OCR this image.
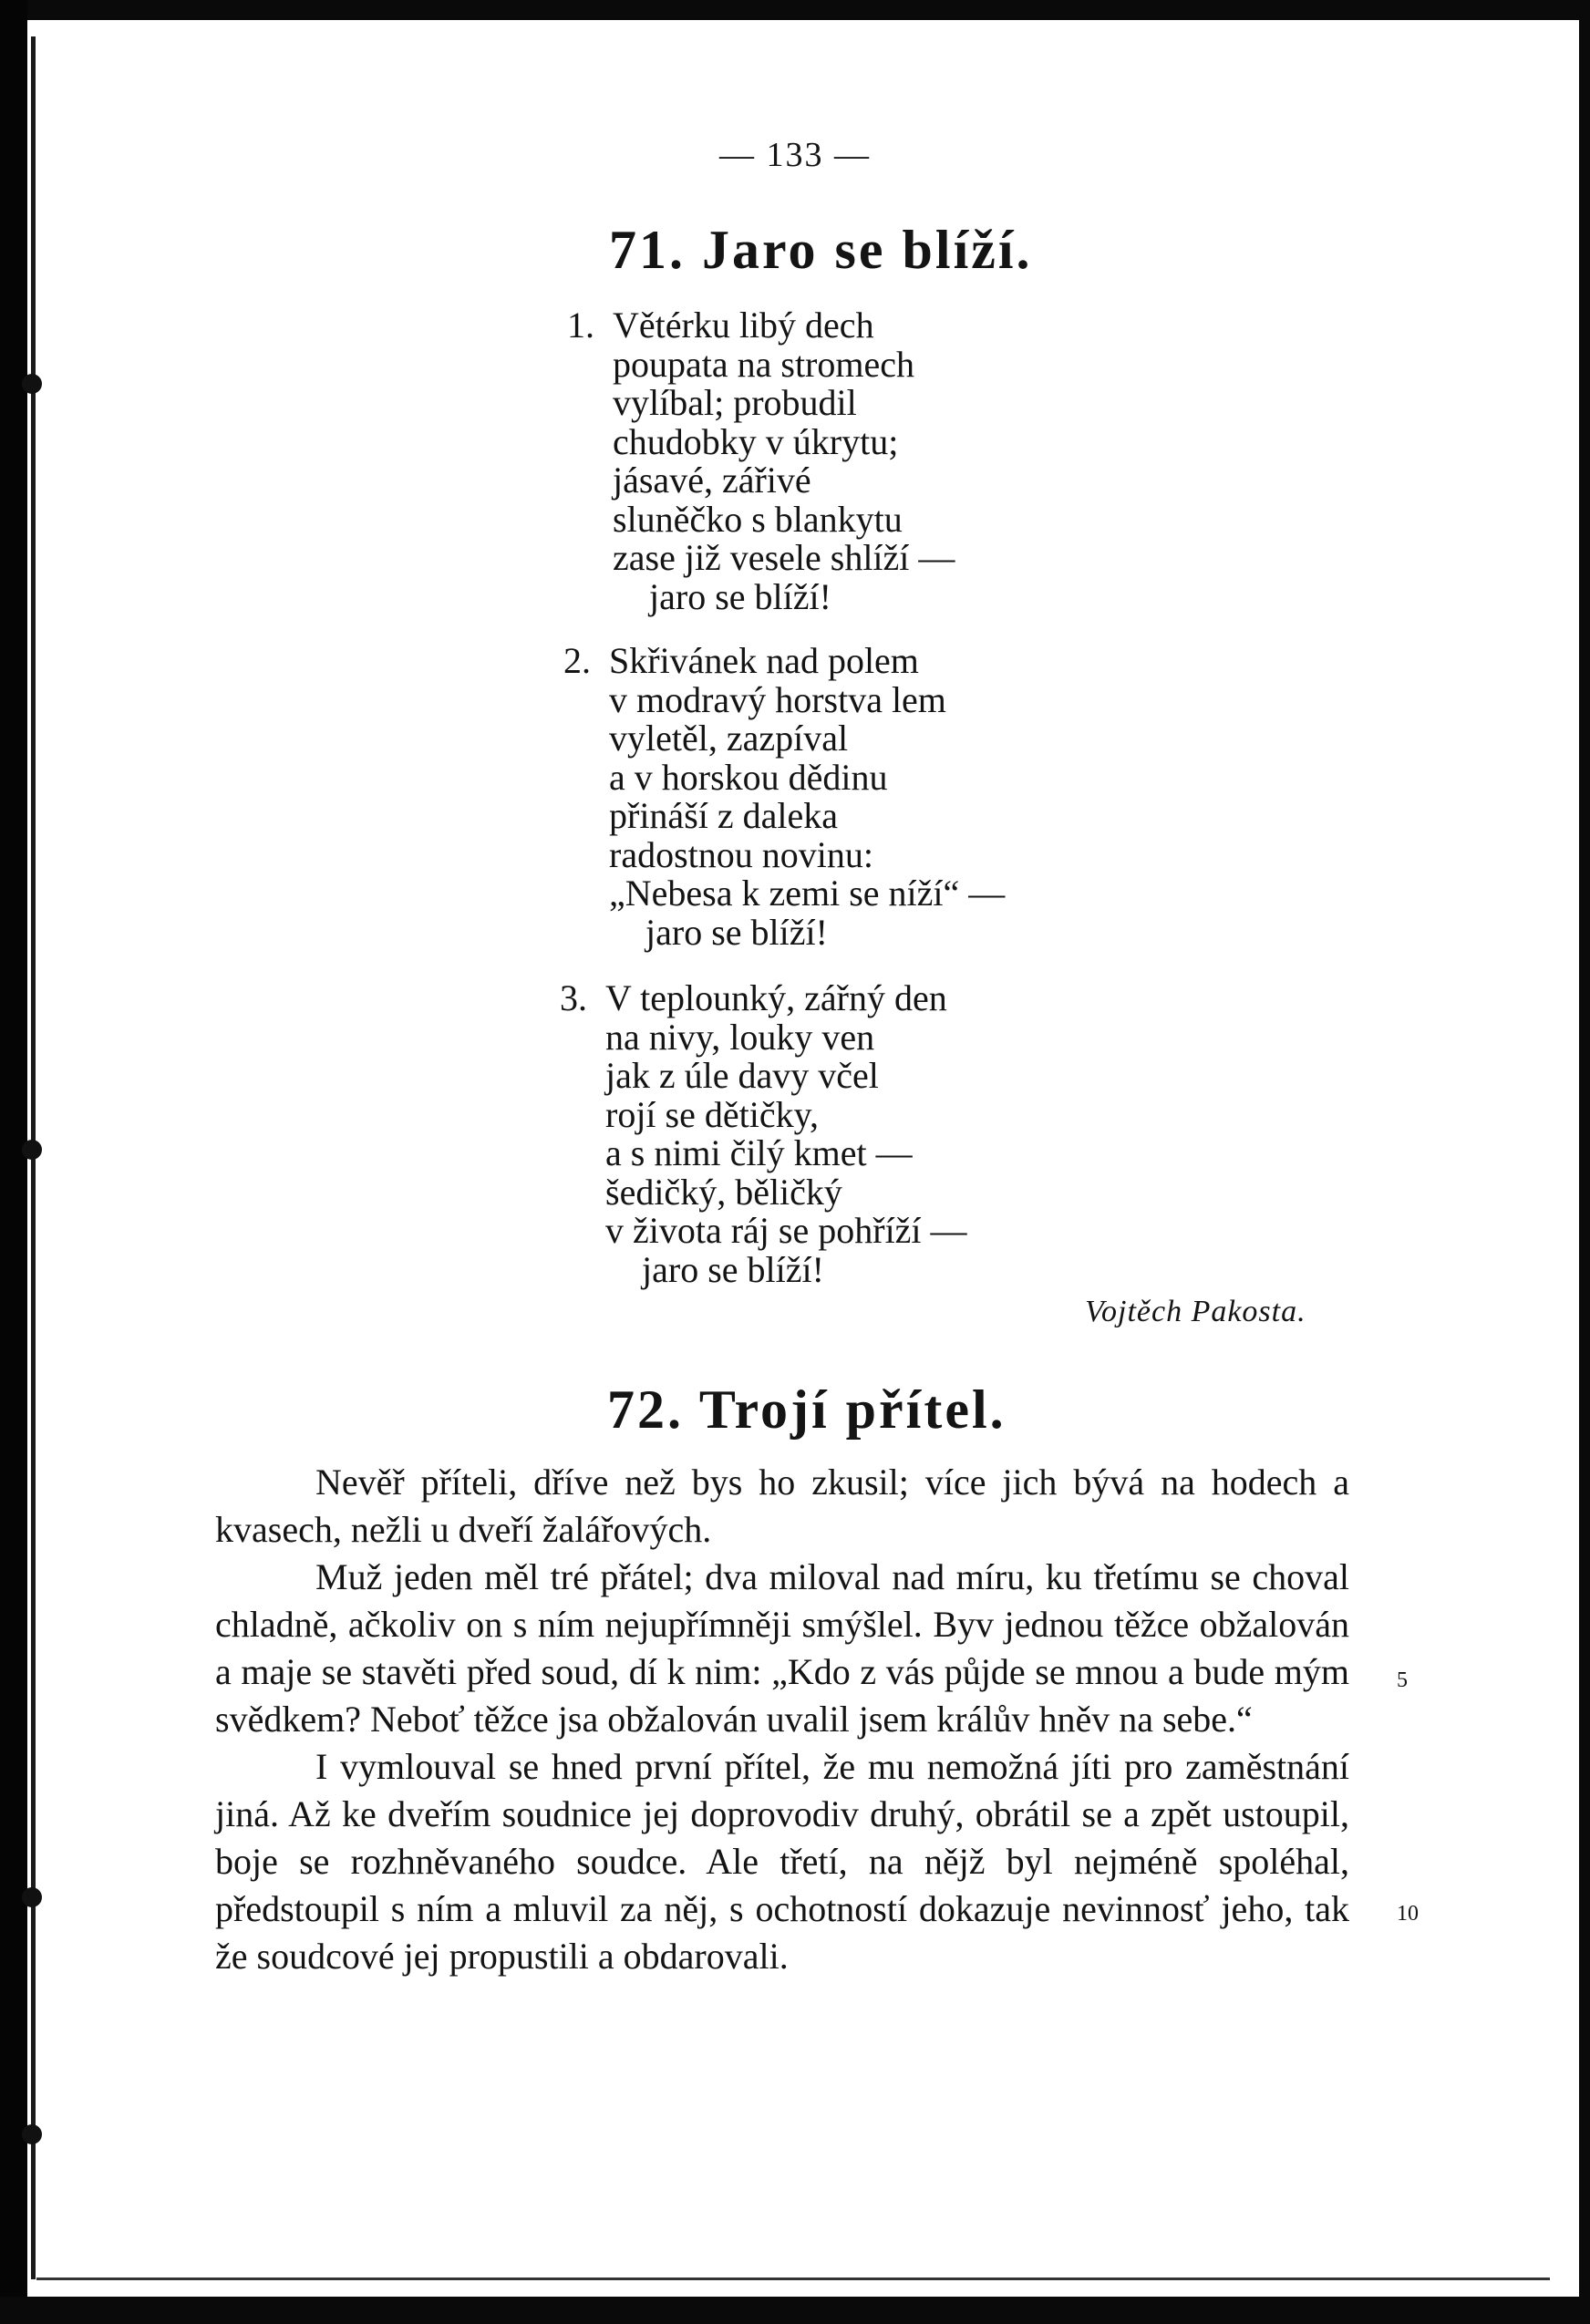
— 133 —
71. Jaro se blíží.
1. Větérku libý dech
poupata na stromech
vylíbal; probudil
chudobky v úkrytu;
jásavé, zářivé
sluněčko s blankytu
zase již vesele shlíží —
jaro se blíží!
2. Skřivánek nad polem
v modravý horstva lem
vyletěl, zazpíval
a v horskou dědinu
přináší z daleka
radostnou novinu:
„Nebesa k zemi se níží“ —
jaro se blíží!
3. V teplounký, zářný den
na nivy, louky ven
jak z úle davy včel
rojí se dětičky,
a s nimi čilý kmet —
šedičký, běličký
v života ráj se pohříží —
jaro se blíží!
Vojtěch Pakosta.
72. Trojí přítel.

Nevěř příteli, dříve než bys ho zkusil; více jich bývá na hodech a kvasech, nežli u dveří žalářových.

Muž jeden měl tré přátel; dva miloval nad míru, ku třetímu se choval chladně, ačkoliv on s ním nejupřímněji smýšlel. Byv jednou těžce obžalován a maje se stavěti před soud, dí k nim: „Kdo z vás půjde se mnou a bude mým svědkem? Neboť těžce jsa obžalován uvalil jsem králův hněv na sebe.“

I vymlouval se hned první přítel, že mu nemožná jíti pro zaměstnání jiná. Až ke dveřím soudnice jej doprovodiv druhý, obrátil se a zpět ustoupil, boje se rozhněvaného soudce. Ale třetí, na nějž byl nejméně spoléhal, předstoupil s ním a mluvil za něj, s ochotností dokazuje nevinnosť jeho, tak že soudcové jej propustili a obdarovali.

5
10
